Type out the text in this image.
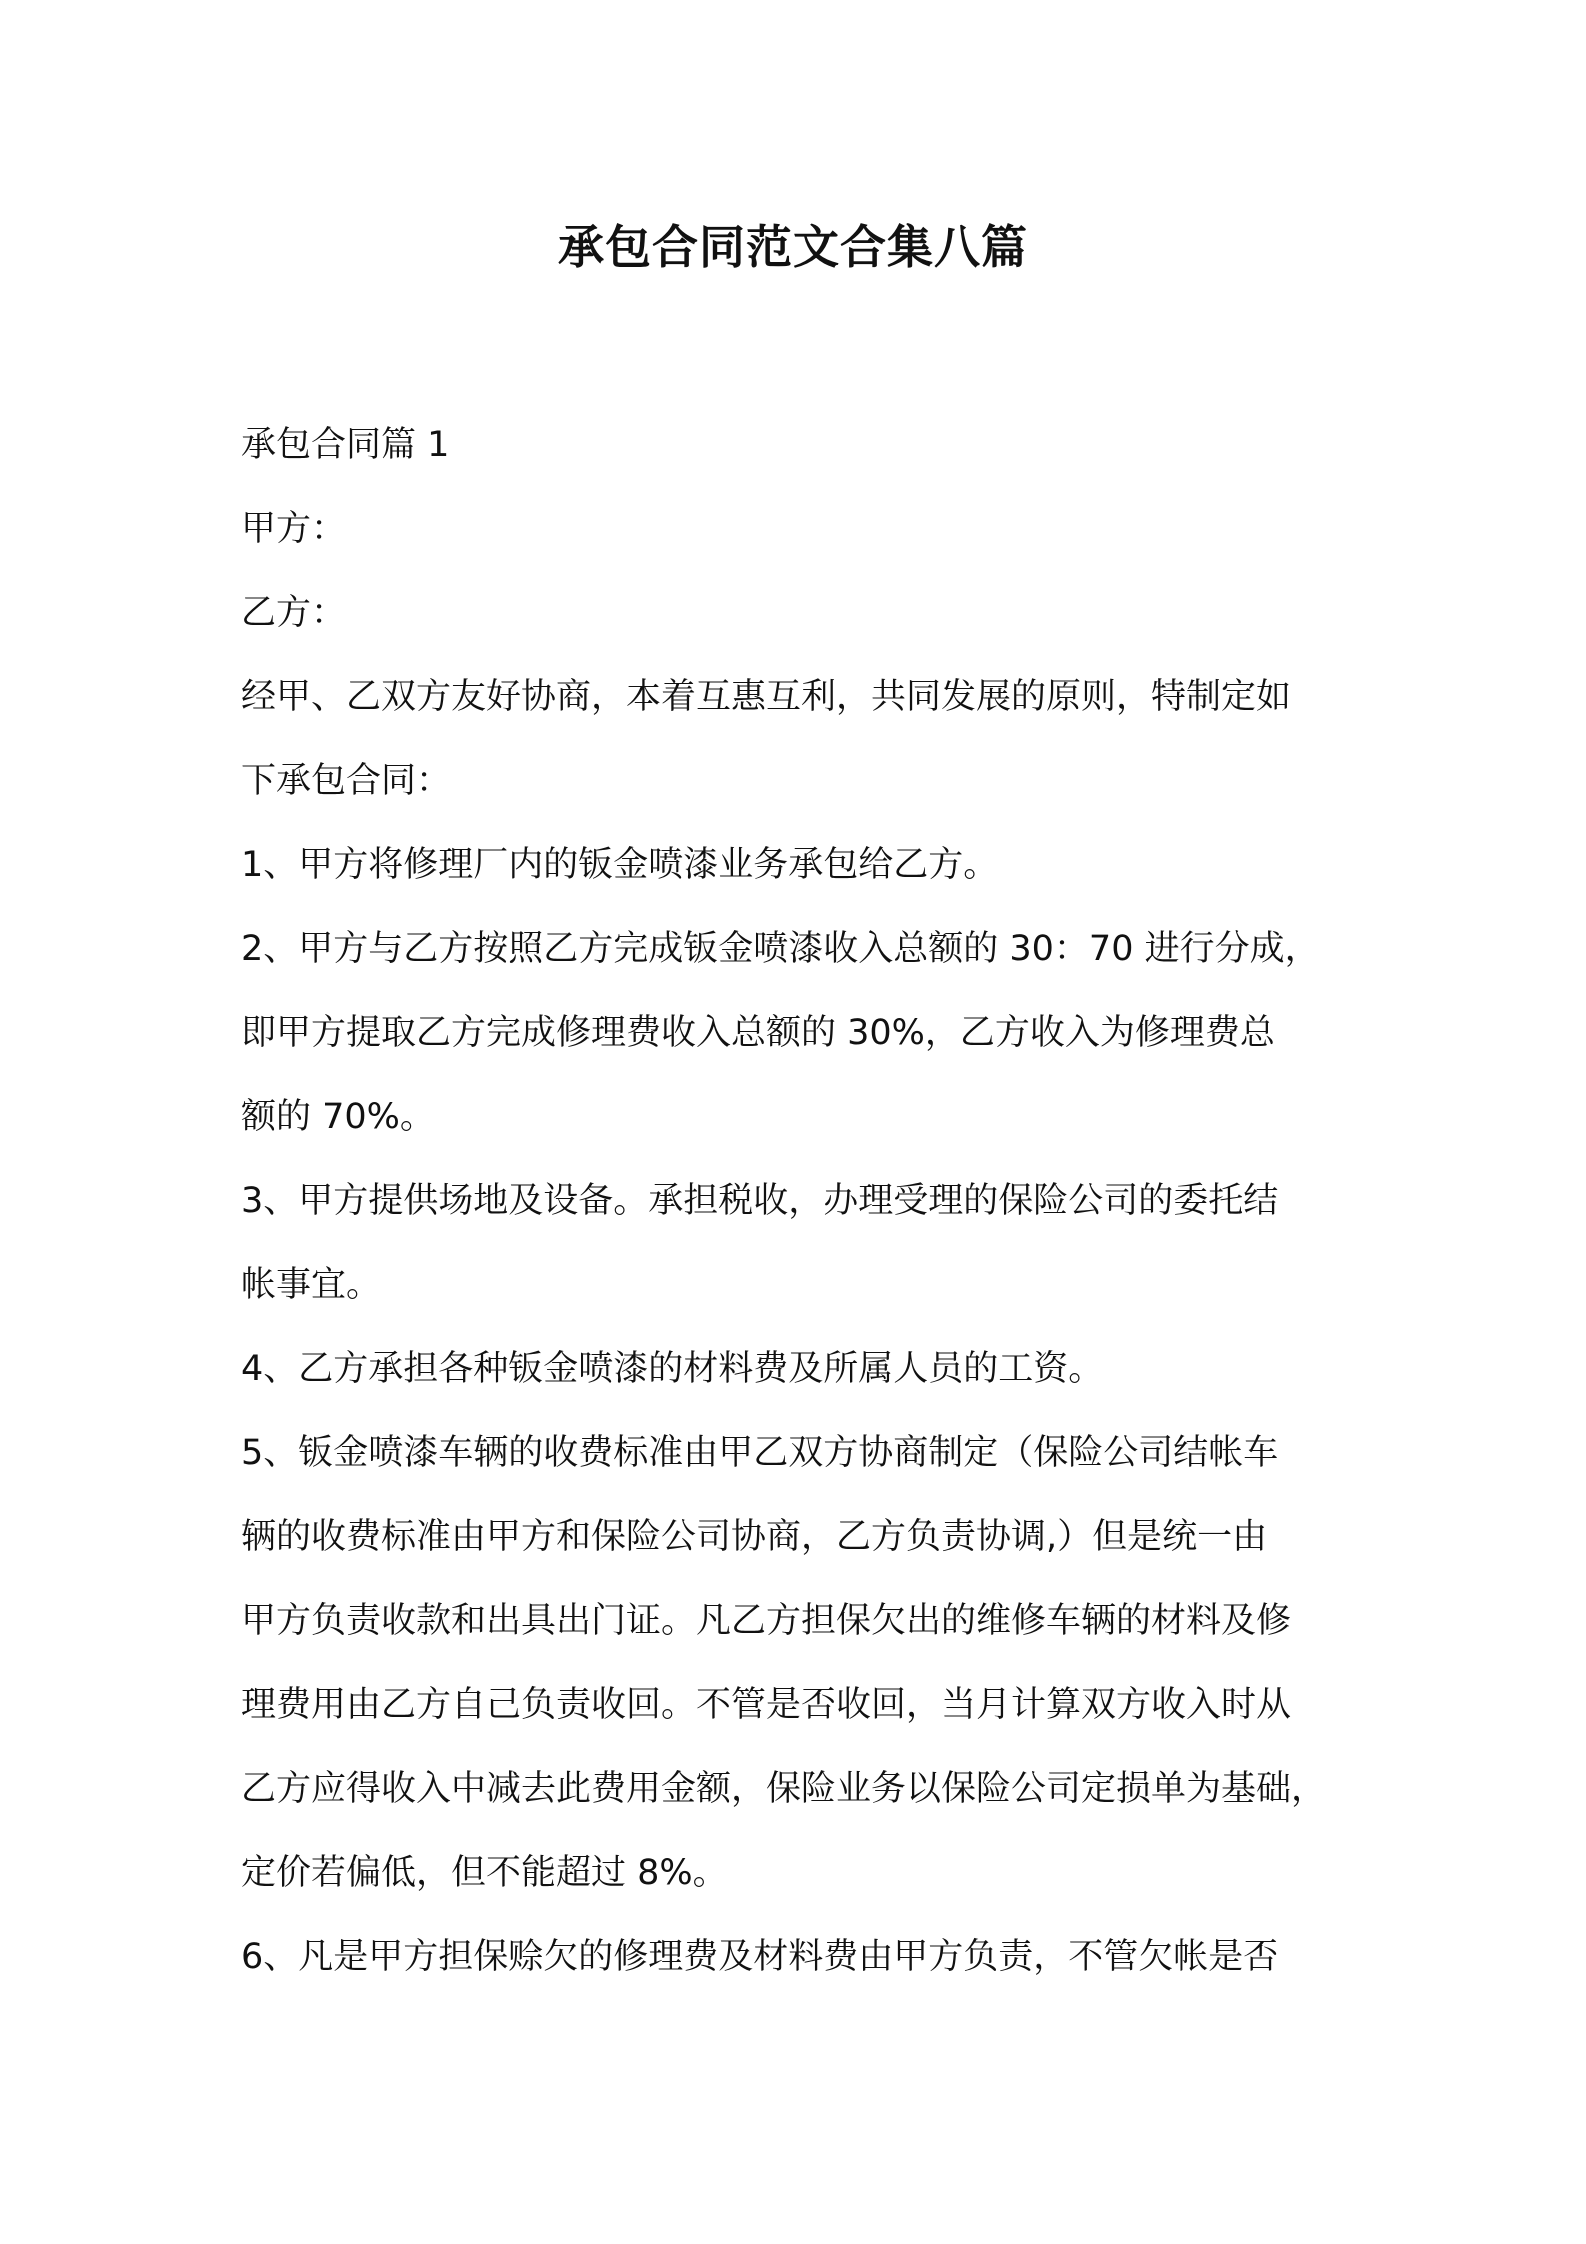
承包合同范文合集八篇
承包合同篇 1
甲方：
乙方：
经甲、乙双方友好协商，本着互惠互利，共同发展的原则，特制定如
下承包合同：
1、甲方将修理厂内的钣金喷漆业务承包给乙方。
2、甲方与乙方按照乙方完成钣金喷漆收入总额的 30：70 进行分成，
即甲方提取乙方完成修理费收入总额的 30%，乙方收入为修理费总
额的 70%。
3、甲方提供场地及设备。承担税收，办理受理的保险公司的委托结
帐事宜。
4、乙方承担各种钣金喷漆的材料费及所属人员的工资。
5、钣金喷漆车辆的收费标准由甲乙双方协商制定（保险公司结帐车
辆的收费标准由甲方和保险公司协商，乙方负责协调,）但是统一由
甲方负责收款和出具出门证。凡乙方担保欠出的维修车辆的材料及修
理费用由乙方自己负责收回。不管是否收回，当月计算双方收入时从
乙方应得收入中减去此费用金额，保险业务以保险公司定损单为基础，
定价若偏低，但不能超过 8%。
6、凡是甲方担保赊欠的修理费及材料费由甲方负责，不管欠帐是否
